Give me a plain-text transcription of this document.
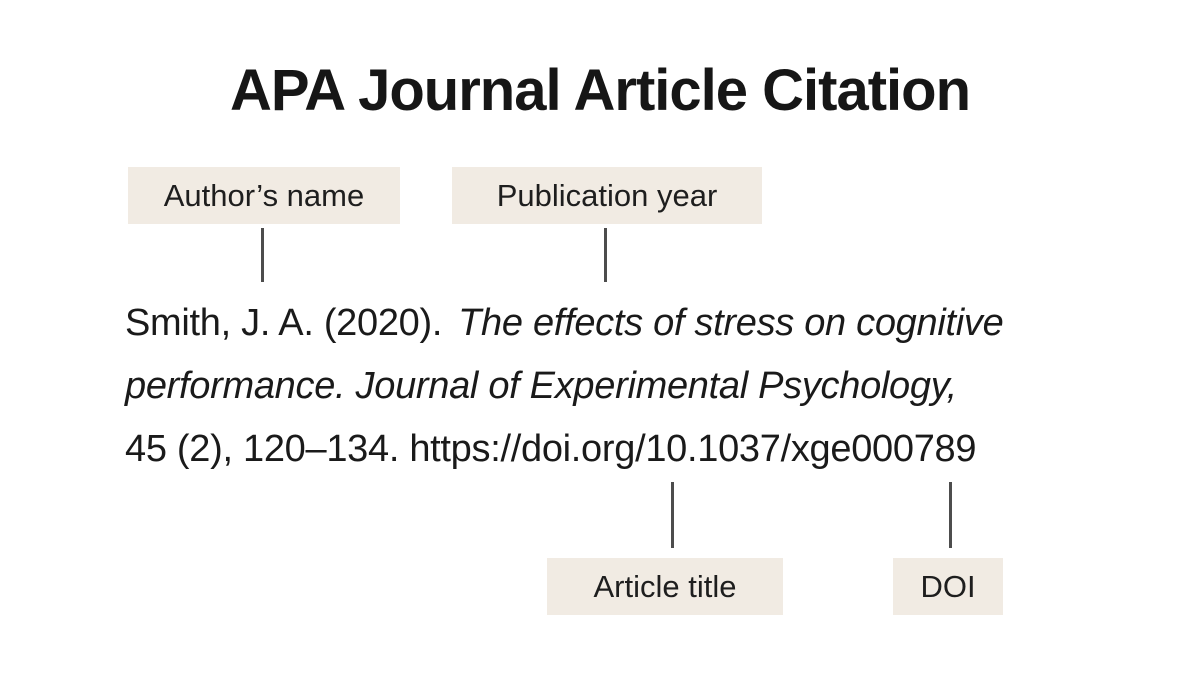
APA Journal Article Citation
Author’s name	Publication year
Smith, J. A. (2020). The effects of stress on cognitive
performance. Journal of Experimental Psychology,
45 (2), 120–134. https://doi.org/10.1037/xge000789
Article title	DOI
